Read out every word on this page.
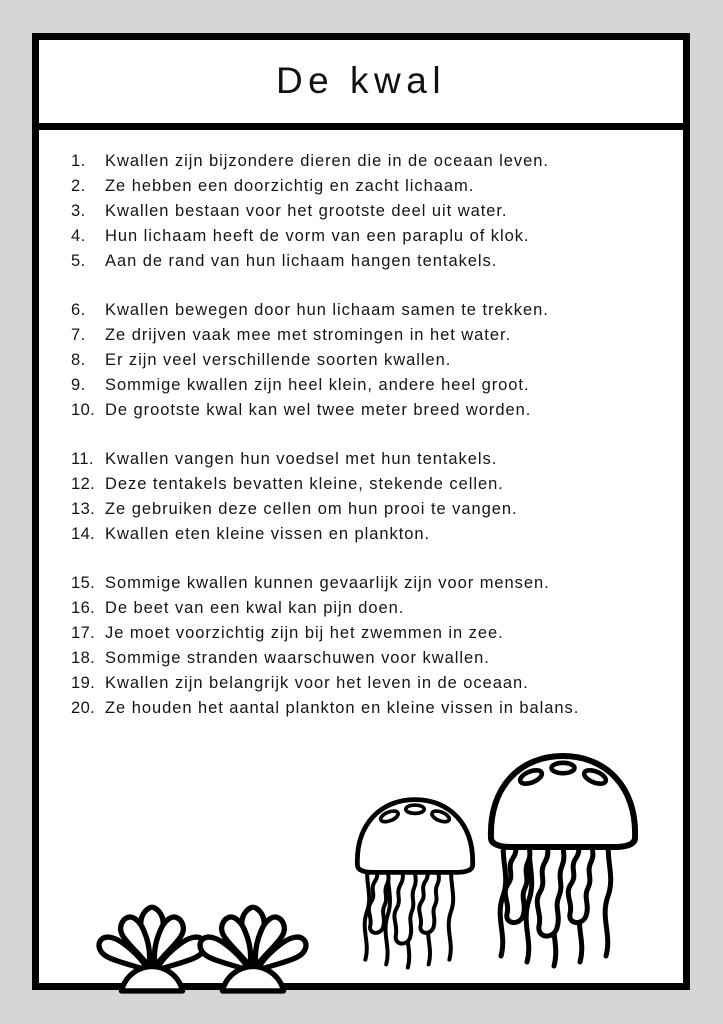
De kwal
1.	Kwallen zijn bijzondere dieren die in de oceaan leven.
2.	Ze hebben een doorzichtig en zacht lichaam.
3.	Kwallen bestaan voor het grootste deel uit water.
4.	Hun lichaam heeft de vorm van een paraplu of klok.
5.	Aan de rand van hun lichaam hangen tentakels.
6.	Kwallen bewegen door hun lichaam samen te trekken.
7.	Ze drijven vaak mee met stromingen in het water.
8.	Er zijn veel verschillende soorten kwallen.
9.	Sommige kwallen zijn heel klein, andere heel groot.
10. De grootste kwal kan wel twee meter breed worden.
11. Kwallen vangen hun voedsel met hun tentakels.
12. Deze tentakels bevatten kleine, stekende cellen.
13. Ze gebruiken deze cellen om hun prooi te vangen.
14. Kwallen eten kleine vissen en plankton.
15. Sommige kwallen kunnen gevaarlijk zijn voor mensen.
16. De beet van een kwal kan pijn doen.
17. Je moet voorzichtig zijn bij het zwemmen in zee.
18. Sommige stranden waarschuwen voor kwallen.
19. Kwallen zijn belangrijk voor het leven in de oceaan.
20. Ze houden het aantal plankton en kleine vissen in balans.
